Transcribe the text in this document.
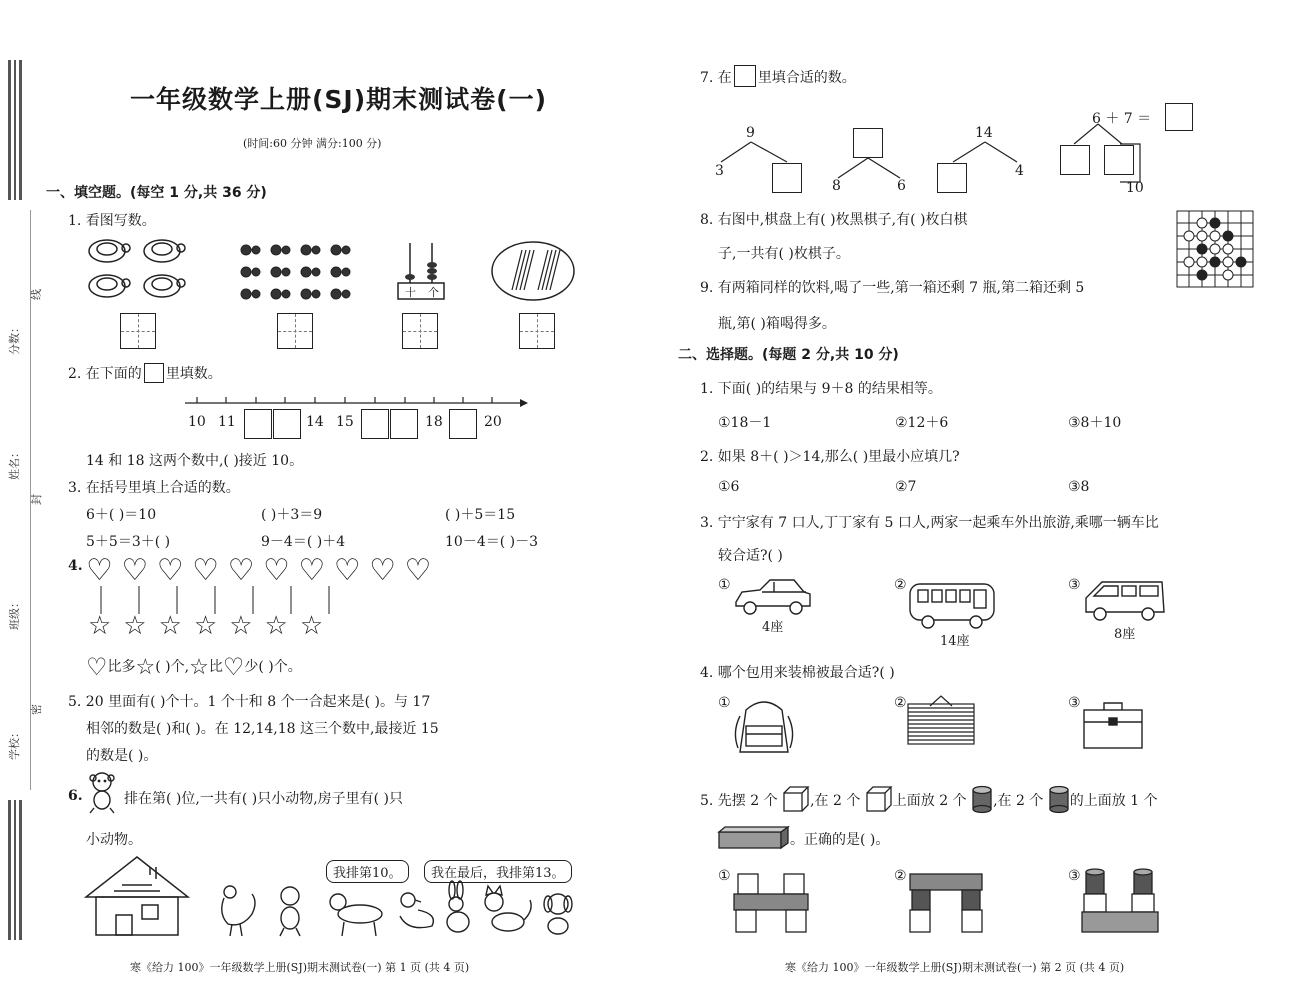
分数：
线
姓名：
封
班级：
学校：
密
一年级数学上册(SJ)期末测试卷(一)
(时间:60 分钟 满分:100 分)
一、填空题。(每空 1 分,共 36 分)
1. 看图写数。
十 个
2. 在下面的 里填数。
10 11	14 15	18	20
14 和 18 这两个数中,( )接近 10。
3. 在括号里填上合适的数。
6＋( )＝10	( )＋3＝9	( )＋5＝15
5＋5＝3＋( )	9－4＝( )＋4	10－4＝( )－3
4. ♡♡♡♡♡♡♡♡♡♡
☆☆☆☆☆☆☆
♡比多☆( )个,☆比♡少( )个。
5. 20 里面有( )个十。1 个十和 8 个一合起来是( )。与 17
相邻的数是( )和( )。在 12,14,18 这三个数中,最接近 15
的数是( )。
6.	排在第( )位,一共有( )只小动物,房子里有( )只
小动物。
我排第10。	我在最后，我排第13。
寒《给力 100》一年级数学上册(SJ)期末测试卷(一) 第 1 页 (共 4 页)
7. 在 里填合适的数。
9
3
8	6
14
4
6 ＋ 7 ＝
10
8. 右图中,棋盘上有( )枚黑棋子,有( )枚白棋
子,一共有( )枚棋子。
9. 有两箱同样的饮料,喝了一些,第一箱还剩 7 瓶,第二箱还剩 5
瓶,第( )箱喝得多。
二、选择题。(每题 2 分,共 10 分)
1. 下面( )的结果与 9＋8 的结果相等。
①18－1	②12＋6	③8＋10
2. 如果 8＋( )＞14,那么( )里最小应填几?
①6	②7	③8
3. 宁宁家有 7 口人,丁丁家有 5 口人,两家一起乘车外出旅游,乘哪一辆车比
较合适?( )
①
4座
②
14座
③
8座
4. 哪个包用来装棉被最合适?( )
①	②	③
5. 先摆 2 个 ,在 2 个 上面放 2 个 ,在 2 个 的上面放 1 个
。正确的是( )。
①	②	③
寒《给力 100》一年级数学上册(SJ)期末测试卷(一) 第 2 页 (共 4 页)
